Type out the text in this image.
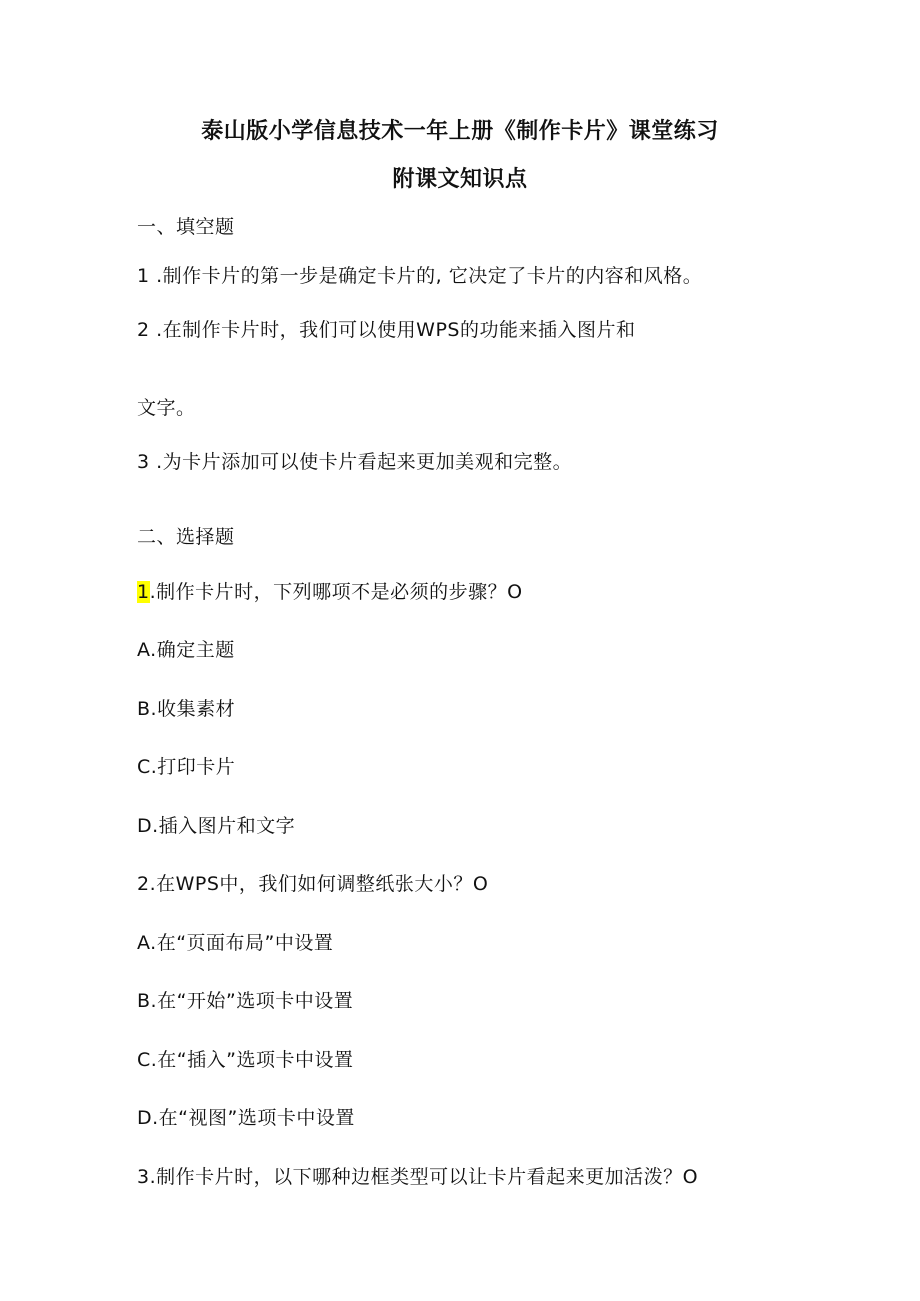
泰山版小学信息技术一年上册《制作卡片》课堂练习
附课文知识点
一、填空题
1 .制作卡片的第一步是确定卡片的, 它决定了卡片的内容和风格。
2 .在制作卡片时，我们可以使用WPS的功能来插入图片和
文字。
3 .为卡片添加可以使卡片看起来更加美观和完整。
二、选择题
1.制作卡片时，下列哪项不是必须的步骤？O
A.确定主题
B.收集素材
C.打印卡片
D.插入图片和文字
2.在WPS中，我们如何调整纸张大小？O
A.在“页面布局”中设置
B.在“开始”选项卡中设置
C.在“插入”选项卡中设置
D.在“视图”选项卡中设置
3.制作卡片时，以下哪种边框类型可以让卡片看起来更加活泼？O
